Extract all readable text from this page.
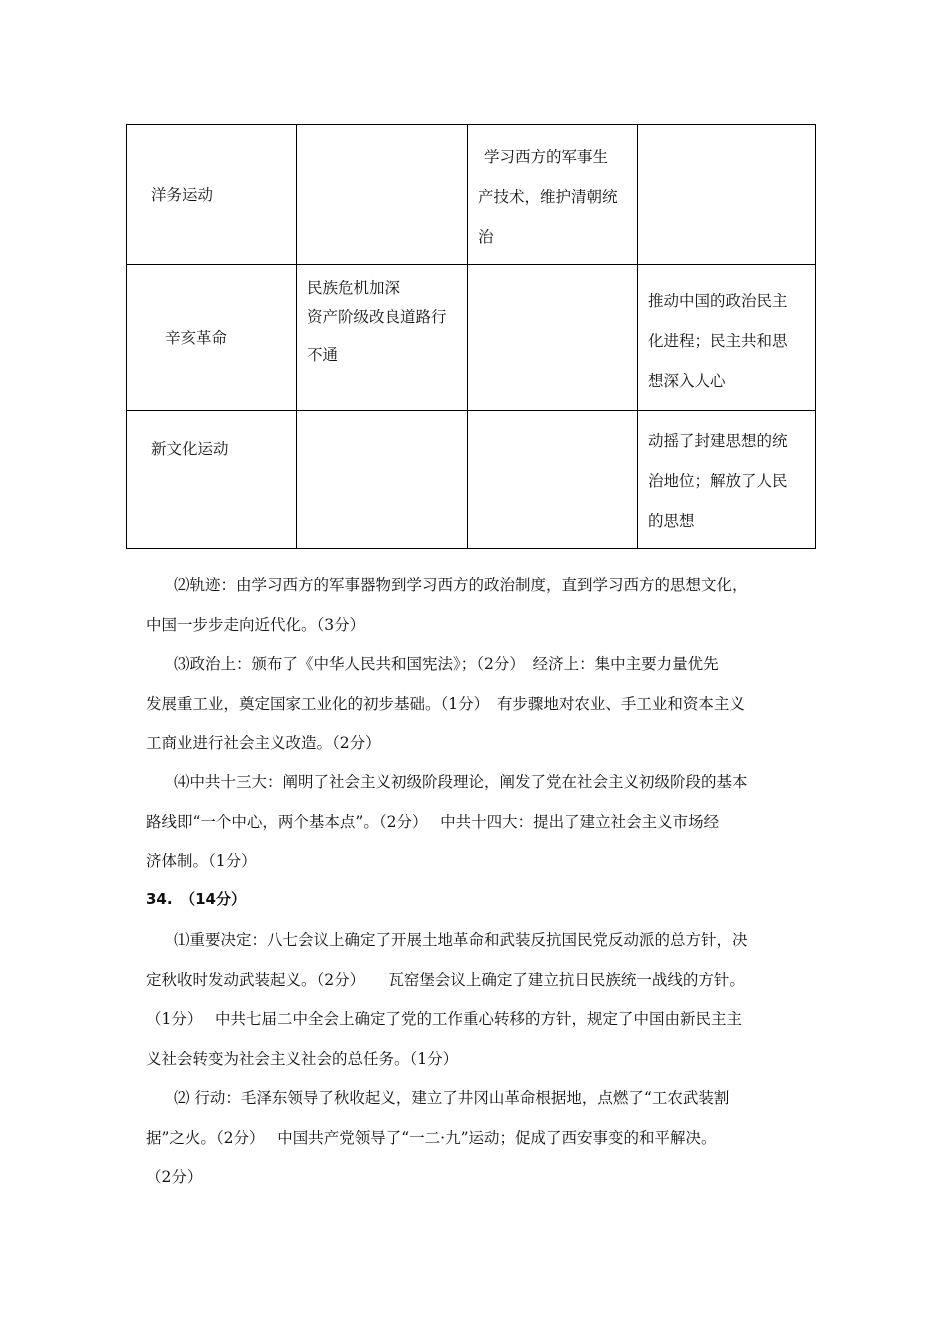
洋务运动		学习西方的军事生
产技术，维护清朝统
治	

辛亥革命	民族危机加深
资产阶级改良道路行
不通		推动中国的政治民主
化进程；民主共和思
想深入人心

新文化运动			动摇了封建思想的统
治地位；解放了人民
的思想
⑵轨迹：由学习西方的军事器物到学习西方的政治制度，直到学习西方的思想文化，
中国一步步走向近代化。（3分）
⑶政治上：颁布了《中华人民共和国宪法》；（2分）　经济上：集中主要力量优先
发展重工业，奠定国家工业化的初步基础。（1分）　有步骤地对农业、手工业和资本主义
工商业进行社会主义改造。（2分）
⑷中共十三大：阐明了社会主义初级阶段理论，阐发了党在社会主义初级阶段的基本
路线即“一个中心，两个基本点”。（2分）　 中共十四大：提出了建立社会主义市场经
济体制。（1分）
34.　（14分）
⑴重要决定：八七会议上确定了开展土地革命和武装反抗国民党反动派的总方针，决
定秋收时发动武装起义。（2分）　　瓦窑堡会议上确定了建立抗日民族统一战线的方针。
（1分）　 中共七届二中全会上确定了党的工作重心转移的方针，规定了中国由新民主主
义社会转变为社会主义社会的总任务。（1分）
⑵ 行动：毛泽东领导了秋收起义，建立了井冈山革命根据地，点燃了“工农武装割
据”之火。（2分）　 中国共产党领导了“一二·九”运动；促成了西安事变的和平解决。
（2分）
